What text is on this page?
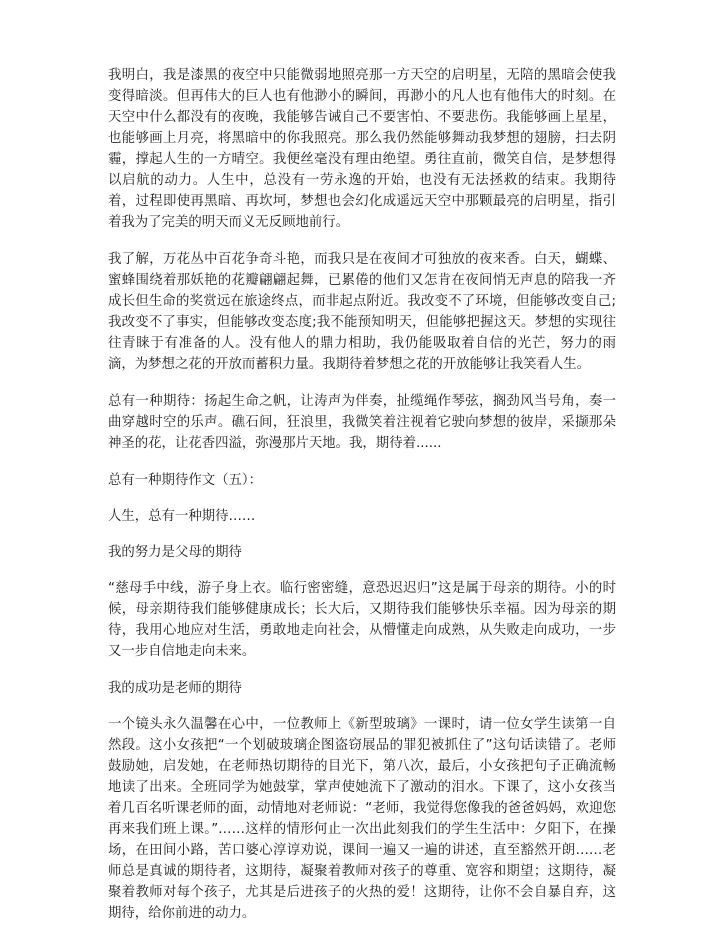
我明白，我是漆黑的夜空中只能微弱地照亮那一方天空的启明星，无陪的黑暗会使我变得暗淡。但再伟大的巨人也有他渺小的瞬间，再渺小的凡人也有他伟大的时刻。在天空中什么都没有的夜晚，我能够告诫自己不要害怕、不要悲伤。我能够画上星星，也能够画上月亮，将黑暗中的你我照亮。那么我仍然能够舞动我梦想的翅膀，扫去阴霾，撑起人生的一方晴空。我便丝毫没有理由绝望。勇往直前，微笑自信，是梦想得以启航的动力。人生中，总没有一劳永逸的开始，也没有无法拯救的结束。我期待着，过程即使再黑暗、再坎坷，梦想也会幻化成遥远天空中那颗最亮的启明星，指引着我为了完美的明天而义无反顾地前行。

我了解，万花丛中百花争奇斗艳，而我只是在夜间才可独放的夜来香。白天，蝴蝶、蜜蜂围绕着那妖艳的花瓣翩翩起舞，已累倦的他们又怎肯在夜间悄无声息的陪我一齐成长但生命的奖赏远在旅途终点，而非起点附近。我改变不了环境，但能够改变自己;我改变不了事实，但能够改变态度;我不能预知明天，但能够把握这天。梦想的实现往往青睐于有准备的人。没有他人的鼎力相助，我仍能吸取着自信的光芒，努力的雨滴，为梦想之花的开放而蓄积力量。我期待着梦想之花的开放能够让我笑看人生。

总有一种期待：扬起生命之帆，让涛声为伴奏，扯缆绳作琴弦，搁劲风当号角，奏一曲穿越时空的乐声。礁石间，狂浪里，我微笑着注视着它驶向梦想的彼岸，采撷那朵神圣的花，让花香四溢，弥漫那片天地。我，期待着......

总有一种期待作文（五）：

人生，总有一种期待……

我的努力是父母的期待

“慈母手中线，游子身上衣。临行密密缝，意恐迟迟归”这是属于母亲的期待。小的时候，母亲期待我们能够健康成长；长大后，又期待我们能够快乐幸福。因为母亲的期待，我用心地应对生活，勇敢地走向社会，从懵懂走向成熟，从失败走向成功，一步又一步自信地走向未来。

我的成功是老师的期待

一个镜头永久温馨在心中，一位教师上《新型玻璃》一课时，请一位女学生读第一自然段。这小女孩把“一个划破玻璃企图盗窃展品的罪犯被抓住了”这句话读错了。老师鼓励她，启发她，在老师热切期待的目光下，第八次，最后，小女孩把句子正确流畅地读了出来。全班同学为她鼓掌，掌声使她流下了激动的泪水。下课了，这小女孩当着几百名听课老师的面，动情地对老师说：“老师，我觉得您像我的爸爸妈妈，欢迎您再来我们班上课。”……这样的情形何止一次出此刻我们的学生生活中：夕阳下，在操场，在田间小路，苦口婆心淳谆劝说，课间一遍又一遍的讲述，直至豁然开朗……老师总是真诚的期待者，这期待，凝聚着教师对孩子的尊重、宽容和期望；这期待，凝聚着教师对每个孩子，尤其是后进孩子的火热的爱！这期待，让你不会自暴自弃，这期待，给你前进的动力。
